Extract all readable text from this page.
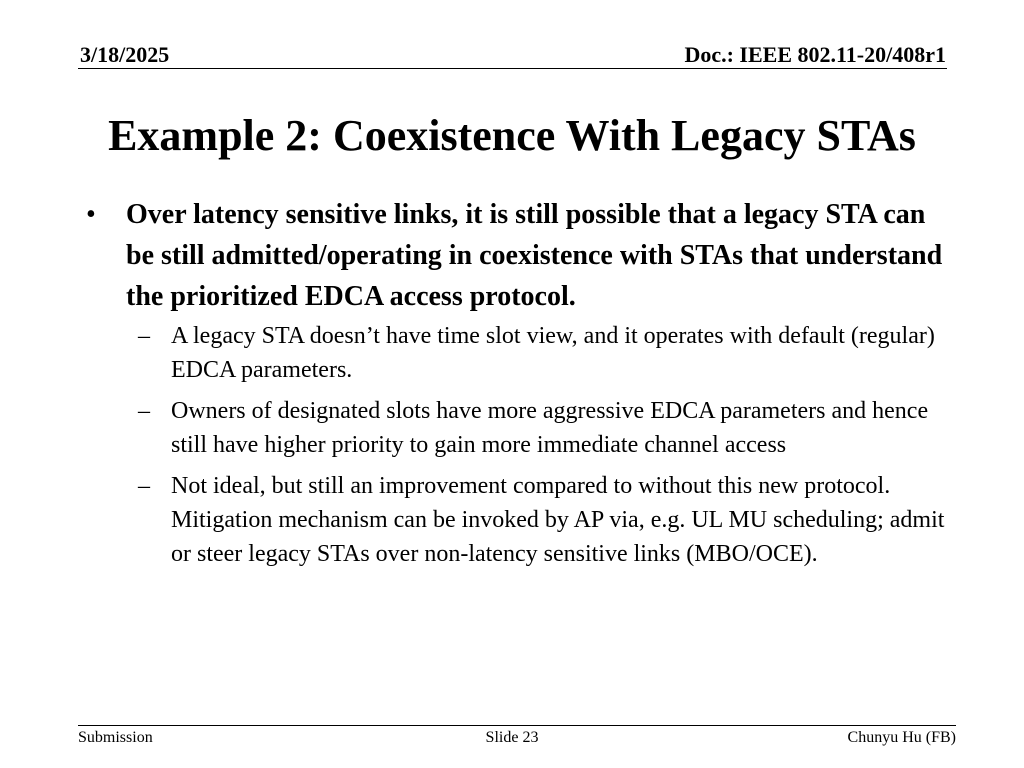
3/18/2025	Doc.: IEEE 802.11-20/408r1
Example 2: Coexistence With Legacy STAs
• Over latency sensitive links, it is still possible that a legacy STA can be still admitted/operating in coexistence with STAs that understand the prioritized EDCA access protocol.
– A legacy STA doesn’t have time slot view, and it operates with default (regular) EDCA parameters.
– Owners of designated slots have more aggressive EDCA parameters and hence still have higher priority to gain more immediate channel access
– Not ideal, but still an improvement compared to without this new protocol. Mitigation mechanism can be invoked by AP via, e.g. UL MU scheduling; admit or steer legacy STAs over non-latency sensitive links (MBO/OCE).
Submission	Slide 23	Chunyu Hu (FB)
